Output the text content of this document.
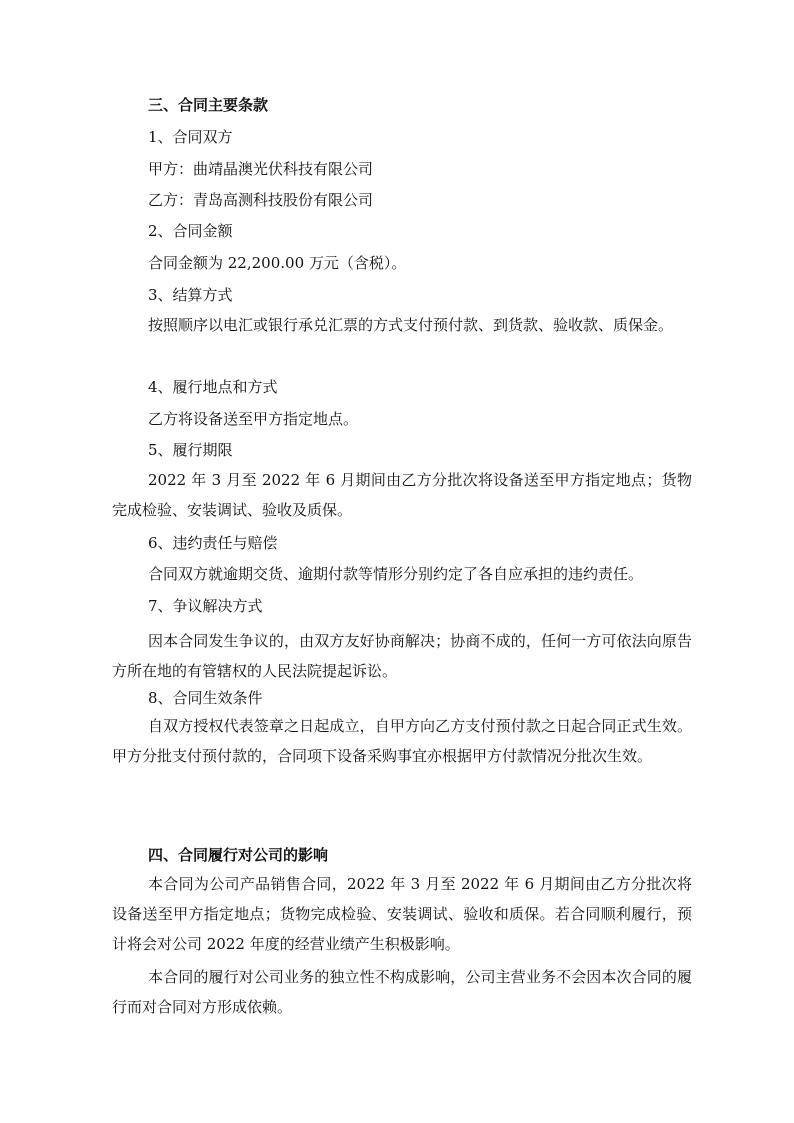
三、合同主要条款
1、合同双方
甲方：曲靖晶澳光伏科技有限公司
乙方：青岛高测科技股份有限公司
2、合同金额
合同金额为 22,200.00 万元（含税）。
3、结算方式
按照顺序以电汇或银行承兑汇票的方式支付预付款、到货款、验收款、质保金。
4、履行地点和方式
乙方将设备送至甲方指定地点。
5、履行期限
2022 年 3 月至 2022 年 6 月期间由乙方分批次将设备送至甲方指定地点；货物完成检验、安装调试、验收及质保。
6、违约责任与赔偿
合同双方就逾期交货、逾期付款等情形分别约定了各自应承担的违约责任。
7、争议解决方式
因本合同发生争议的，由双方友好协商解决；协商不成的，任何一方可依法向原告方所在地的有管辖权的人民法院提起诉讼。
8、合同生效条件
自双方授权代表签章之日起成立，自甲方向乙方支付预付款之日起合同正式生效。甲方分批支付预付款的，合同项下设备采购事宜亦根据甲方付款情况分批次生效。
四、合同履行对公司的影响
本合同为公司产品销售合同，2022 年 3 月至 2022 年 6 月期间由乙方分批次将设备送至甲方指定地点；货物完成检验、安装调试、验收和质保。若合同顺利履行，预计将会对公司 2022 年度的经营业绩产生积极影响。
本合同的履行对公司业务的独立性不构成影响，公司主营业务不会因本次合同的履行而对合同对方形成依赖。
